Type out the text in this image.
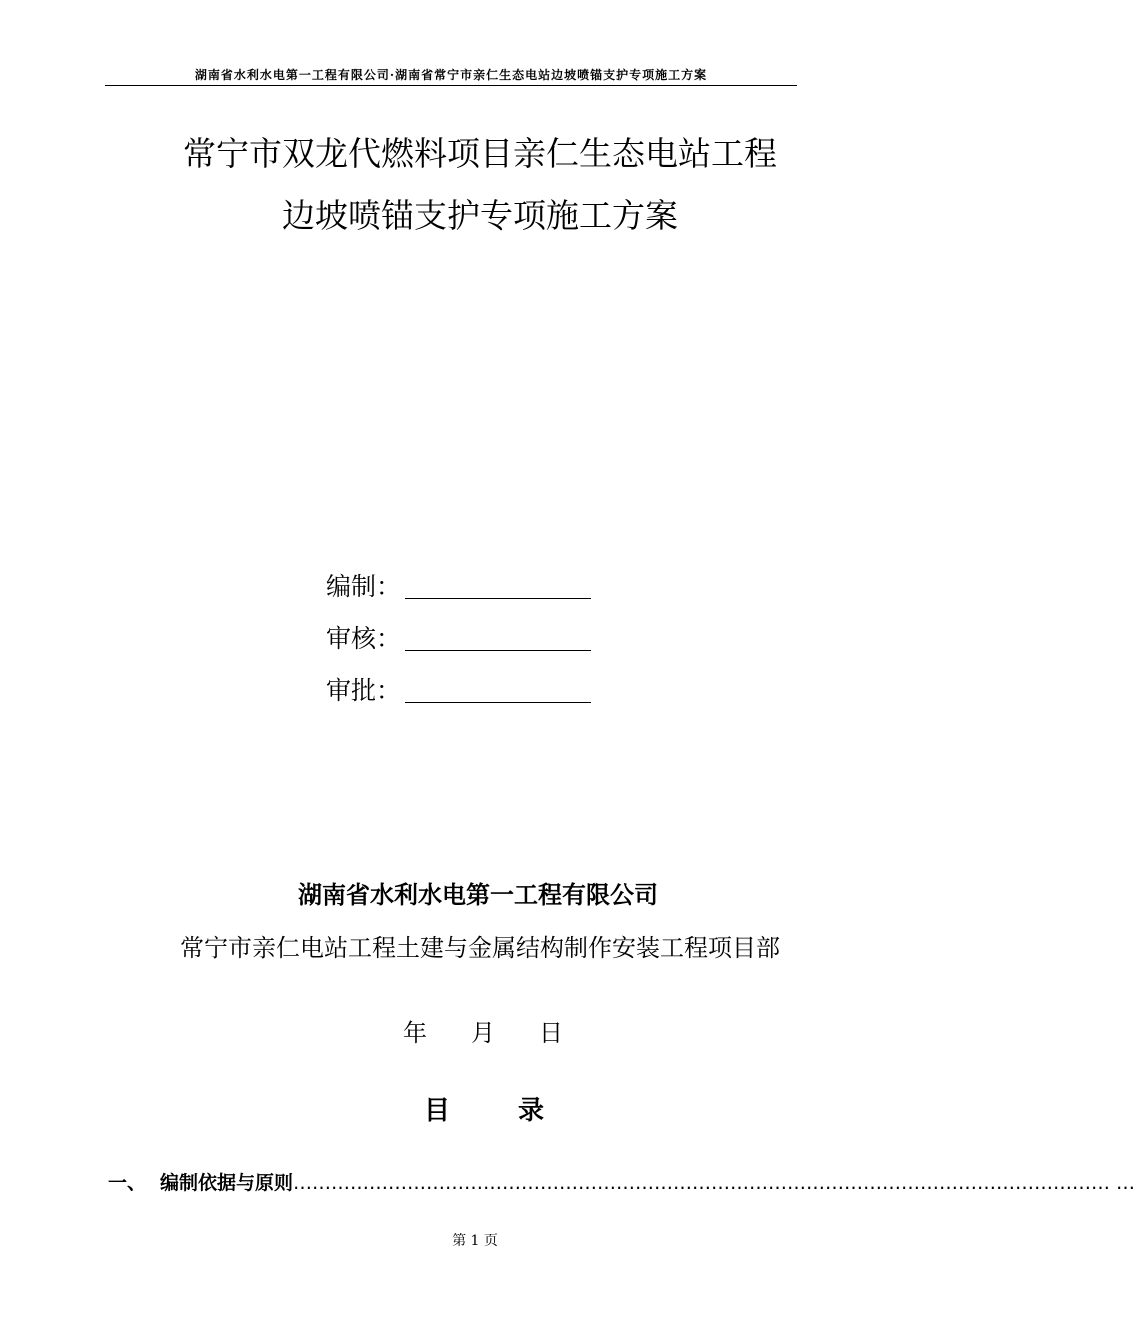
湖南省水利水电第一工程有限公司·湖南省常宁市亲仁生态电站边坡喷锚支护专项施工方案
常宁市双龙代燃料项目亲仁生态电站工程
边坡喷锚支护专项施工方案
编制：
审核：
审批：
湖南省水利水电第一工程有限公司
常宁市亲仁电站工程土建与金属结构制作安装工程项目部
年 月 日
目	录
一、 编制依据与原则 ………………………………………………………………………………………………………………… …
第 1 页
